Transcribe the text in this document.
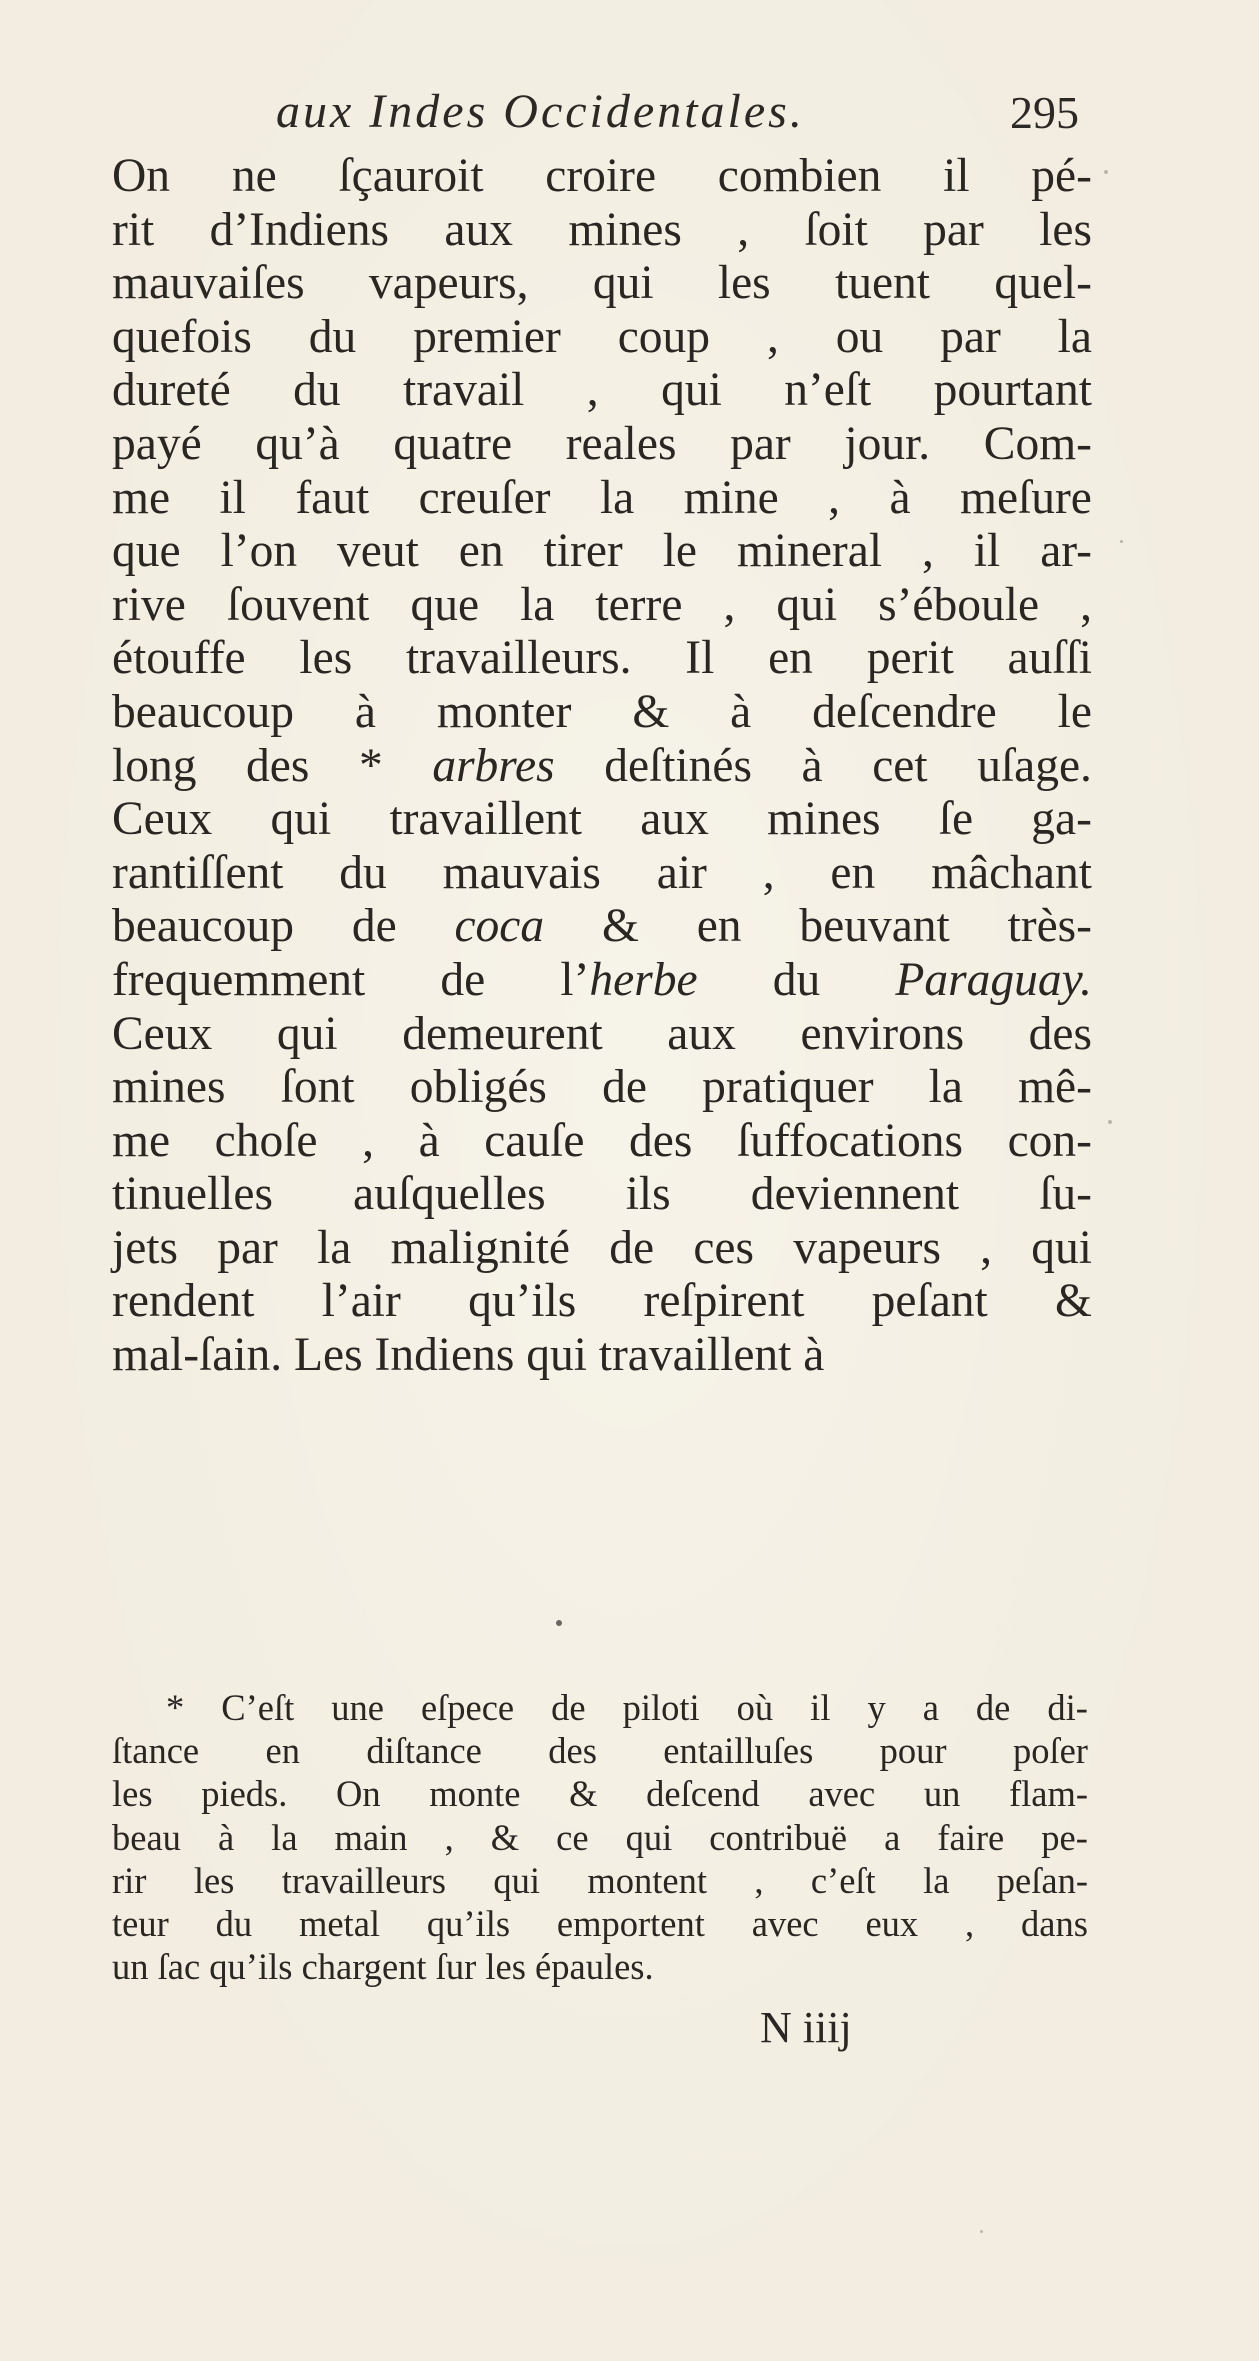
aux Indes Occidentales.	295
On ne ſçauroit croire combien il pé-
rit d’Indiens aux mines , ſoit par les
mauvaiſes vapeurs, qui les tuent quel-
quefois du premier coup , ou par la
dureté du travail , qui n’eſt pourtant
payé qu’à quatre reales par jour. Com-
me il faut creuſer la mine , à meſure
que l’on veut en tirer le mineral , il ar-
rive ſouvent que la terre , qui s’éboule ,
étouffe les travailleurs. Il en perit auſſi
beaucoup à monter & à deſcendre le
long des * arbres deſtinés à cet uſage.
Ceux qui travaillent aux mines ſe ga-
rantiſſent du mauvais air , en mâchant
beaucoup de coca & en beuvant très-
frequemment de l’herbe du Paraguay.
Ceux qui demeurent aux environs des
mines ſont obligés de pratiquer la mê-
me choſe , à cauſe des ſuffocations con-
tinuelles auſquelles ils deviennent ſu-
jets par la malignité de ces vapeurs , qui
rendent l’air qu’ils reſpirent peſant &
mal-ſain.
Les
Indiens
qui
travaillent
à
* C’eſt une eſpece de piloti où il y a de di-
ſtance en diſtance des entailluſes pour poſer
les pieds. On monte & deſcend avec un flam-
beau à la main , & ce qui contribuë a faire pe-
rir les travailleurs qui montent , c’eſt la peſan-
teur du metal qu’ils emportent avec eux , dans
un
ſac
qu’ils
chargent
ſur
les
épaules.
N iiij
